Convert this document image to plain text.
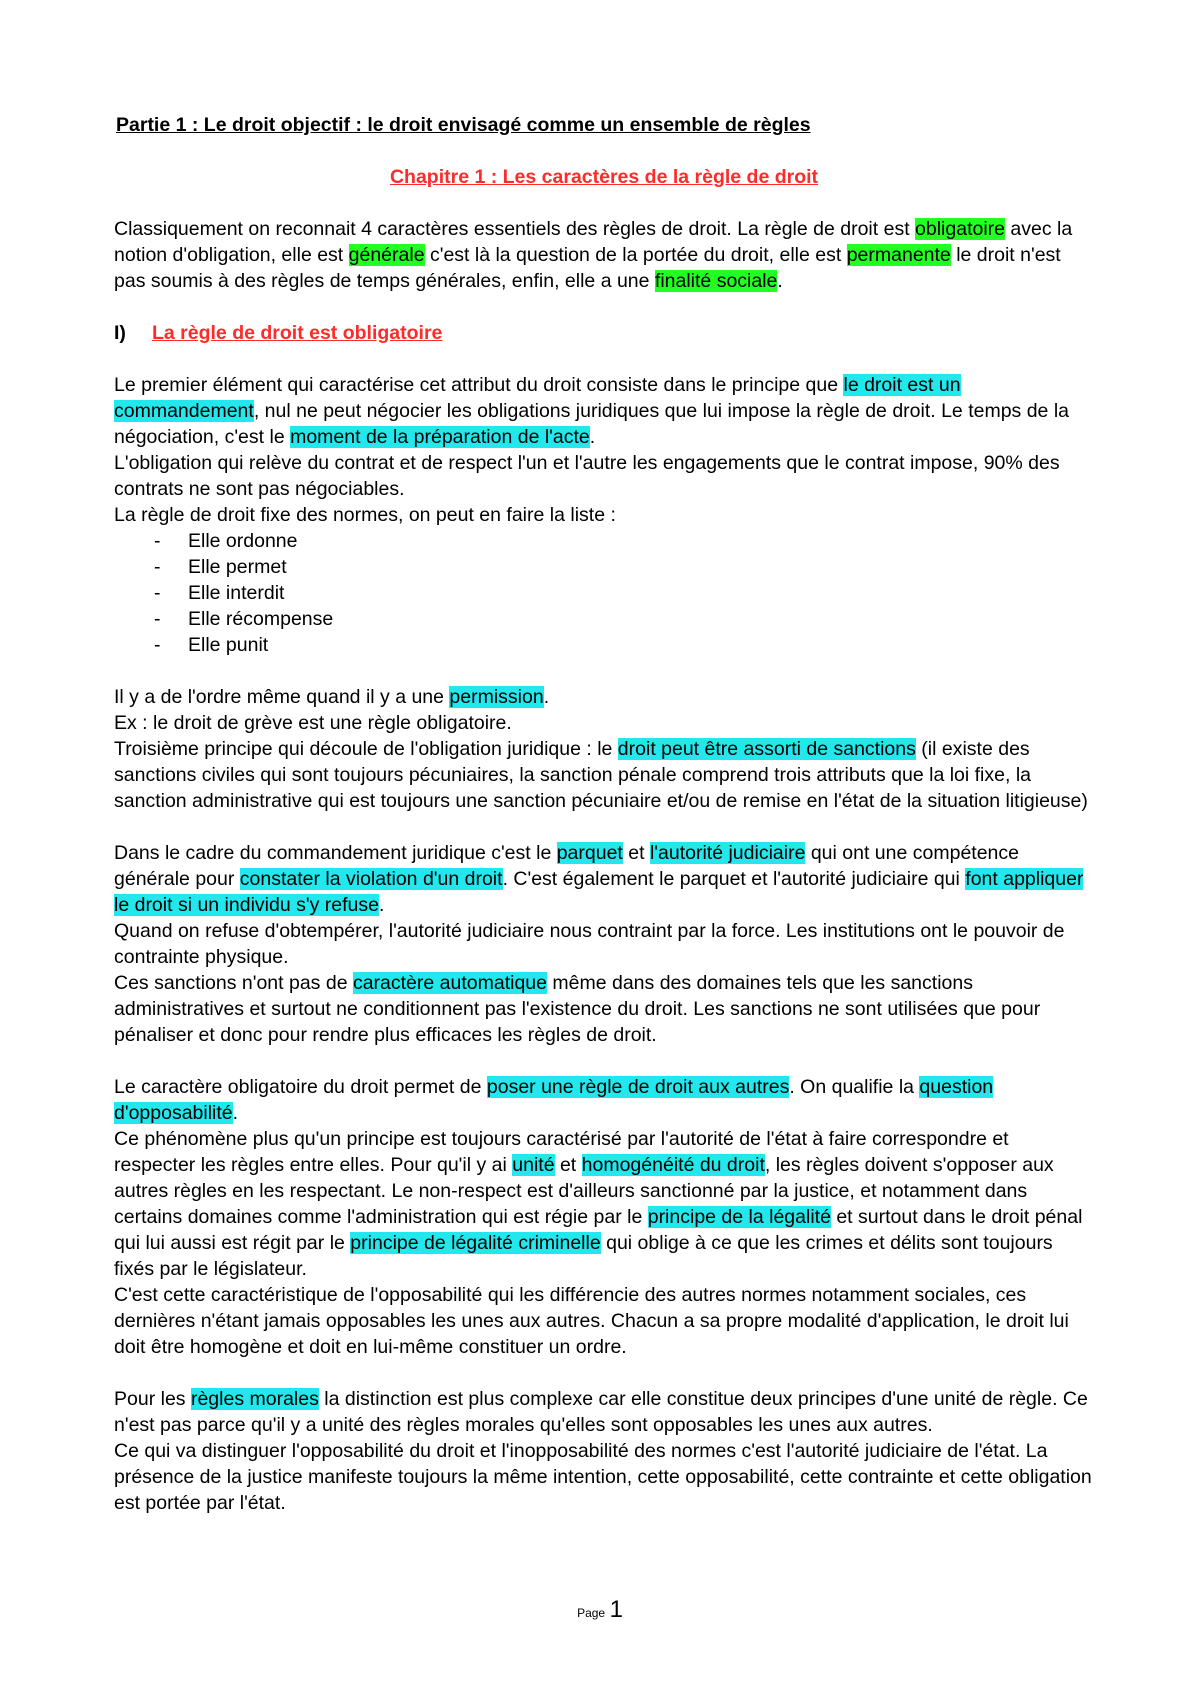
Partie 1 : Le droit objectif : le droit envisagé comme un ensemble de règles

Chapitre 1 : Les caractères de la règle de droit

Classiquement on reconnait 4 caractères essentiels des règles de droit. La règle de droit est obligatoire avec la notion d'obligation, elle est générale c'est là la question de la portée du droit, elle est permanente le droit n'est pas soumis à des règles de temps générales, enfin, elle a une finalité sociale.

I) La règle de droit est obligatoire

Le premier élément qui caractérise cet attribut du droit consiste dans le principe que le droit est un commandement, nul ne peut négocier les obligations juridiques que lui impose la règle de droit. Le temps de la négociation, c'est le moment de la préparation de l'acte.

L'obligation qui relève du contrat et de respect l'un et l'autre les engagements que le contrat impose, 90% des contrats ne sont pas négociables.

La règle de droit fixe des normes, on peut en faire la liste :

- Elle ordonne
- Elle permet
- Elle interdit
- Elle récompense
- Elle punit

Il y a de l'ordre même quand il y a une permission.

Ex : le droit de grève est une règle obligatoire.

Troisième principe qui découle de l'obligation juridique : le droit peut être assorti de sanctions (il existe des sanctions civiles qui sont toujours pécuniaires, la sanction pénale comprend trois attributs que la loi fixe, la sanction administrative qui est toujours une sanction pécuniaire et/ou de remise en l'état de la situation litigieuse)

Dans le cadre du commandement juridique c'est le parquet et l'autorité judiciaire qui ont une compétence générale pour constater la violation d'un droit. C'est également le parquet et l'autorité judiciaire qui font appliquer le droit si un individu s'y refuse.

Quand on refuse d'obtempérer, l'autorité judiciaire nous contraint par la force. Les institutions ont le pouvoir de contrainte physique.

Ces sanctions n'ont pas de caractère automatique même dans des domaines tels que les sanctions administratives et surtout ne conditionnent pas l'existence du droit. Les sanctions ne sont utilisées que pour pénaliser et donc pour rendre plus efficaces les règles de droit.

Le caractère obligatoire du droit permet de poser une règle de droit aux autres. On qualifie la question d'opposabilité.

Ce phénomène plus qu'un principe est toujours caractérisé par l'autorité de l'état à faire correspondre et respecter les règles entre elles. Pour qu'il y ai unité et homogénéité du droit, les règles doivent s'opposer aux autres règles en les respectant. Le non-respect est d'ailleurs sanctionné par la justice, et notamment dans certains domaines comme l'administration qui est régie par le principe de la légalité et surtout dans le droit pénal qui lui aussi est régit par le principe de légalité criminelle qui oblige à ce que les crimes et délits sont toujours fixés par le législateur.

C'est cette caractéristique de l'opposabilité qui les différencie des autres normes notamment sociales, ces dernières n'étant jamais opposables les unes aux autres. Chacun a sa propre modalité d'application, le droit lui doit être homogène et doit en lui-même constituer un ordre.

Pour les règles morales la distinction est plus complexe car elle constitue deux principes d'une unité de règle. Ce n'est pas parce qu'il y a unité des règles morales qu'elles sont opposables les unes aux autres.

Ce qui va distinguer l'opposabilité du droit et l'inopposabilité des normes c'est l'autorité judiciaire de l'état. La présence de la justice manifeste toujours la même intention, cette opposabilité, cette contrainte et cette obligation est portée par l'état.

Page 1
